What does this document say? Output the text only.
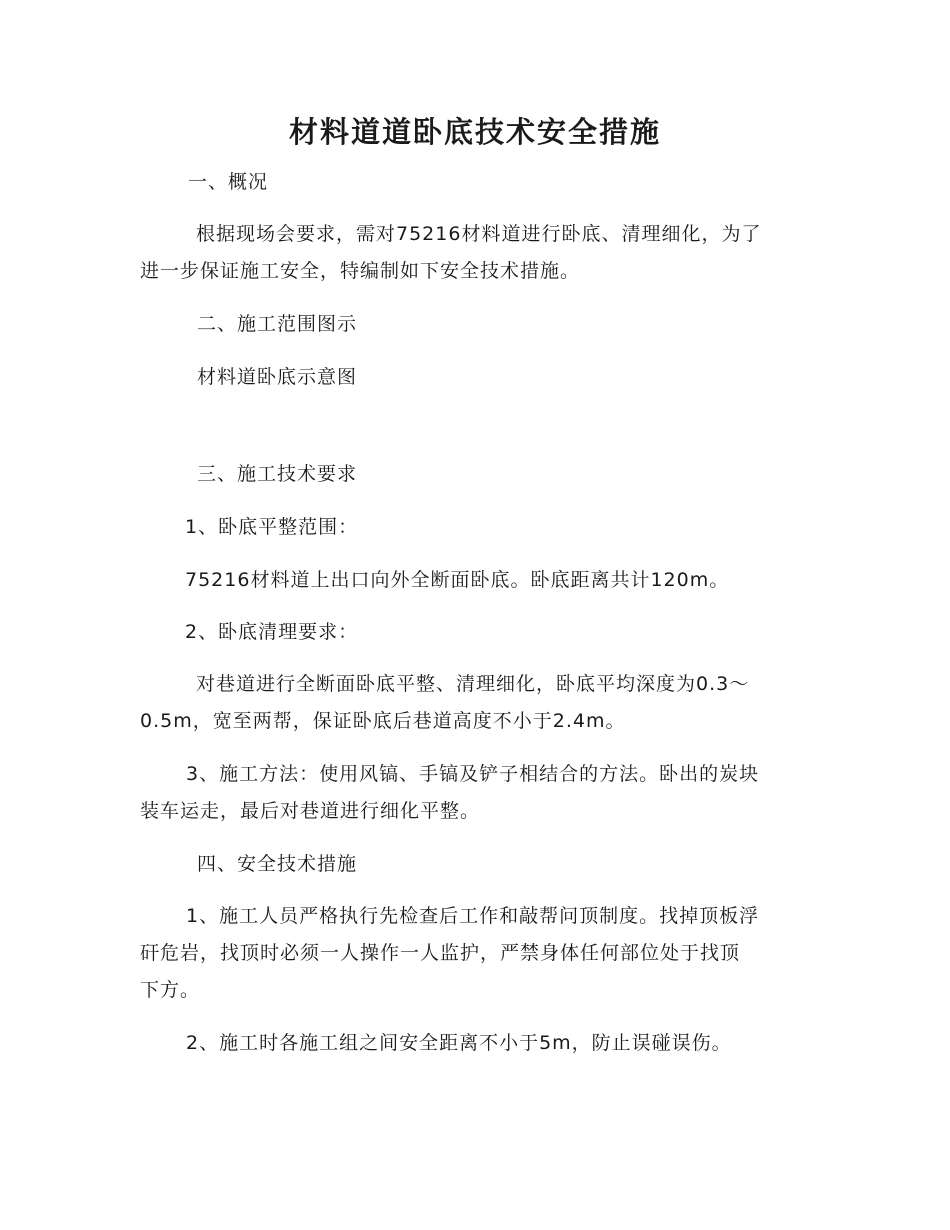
材料道道卧底技术安全措施
一、概况
根据现场会要求，需对75216材料道进行卧底、清理细化，为了
进一步保证施工安全，特编制如下安全技术措施。
二、施工范围图示
材料道卧底示意图
三、施工技术要求
1、卧底平整范围：
75216材料道上出口向外全断面卧底。卧底距离共计120m。
2、卧底清理要求：
对巷道进行全断面卧底平整、清理细化，卧底平均深度为0.3～
0.5m，宽至两帮，保证卧底后巷道高度不小于2.4m。
3、施工方法：使用风镐、手镐及铲子相结合的方法。卧出的炭块
装车运走，最后对巷道进行细化平整。
四、安全技术措施
1、施工人员严格执行先检查后工作和敲帮问顶制度。找掉顶板浮
矸危岩，找顶时必须一人操作一人监护，严禁身体任何部位处于找顶
下方。
2、施工时各施工组之间安全距离不小于5m，防止误碰误伤。
